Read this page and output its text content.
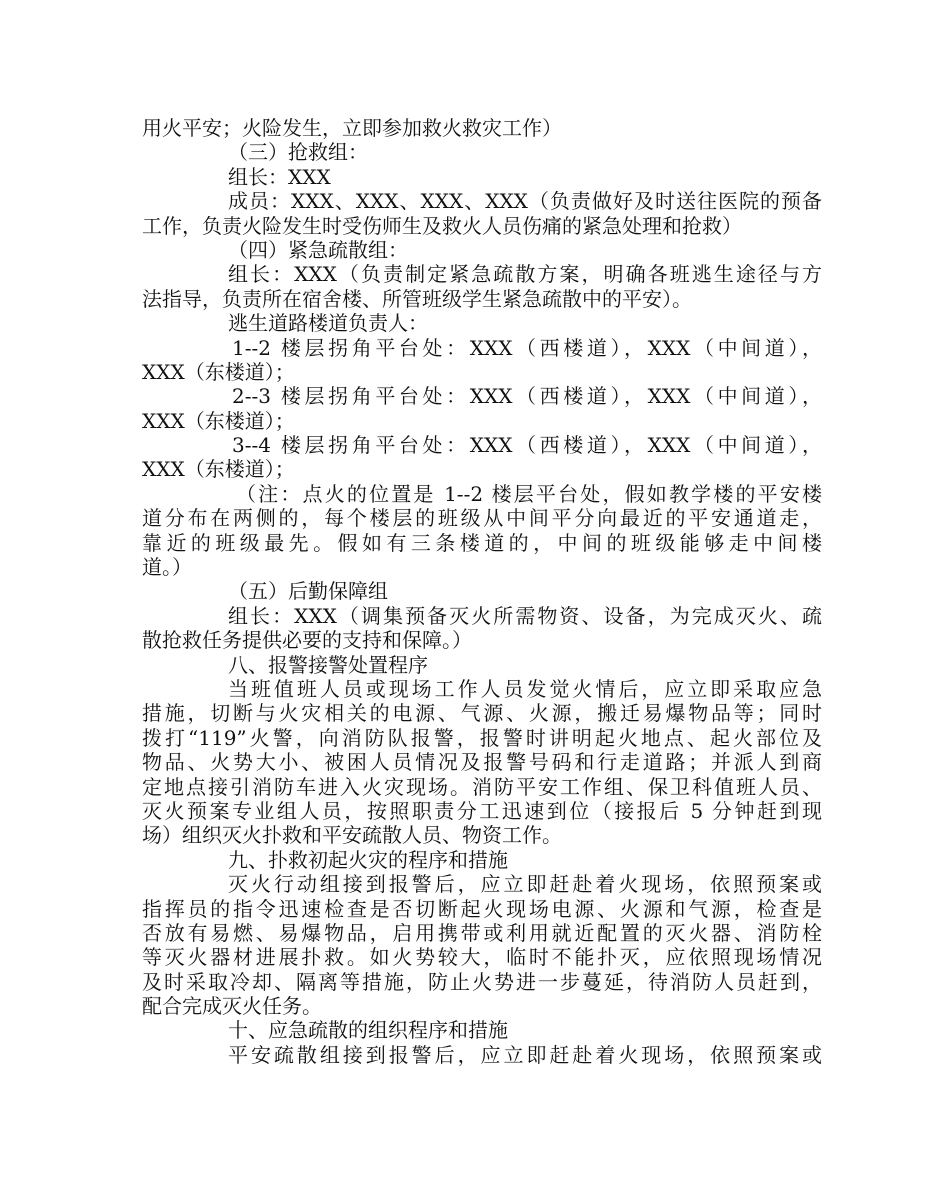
用火平安；火险发生，立即参加救火救灾工作）
（三）抢救组：
组长：XXX
成员：XXX、XXX、XXX、XXX（负责做好及时送往医院的预备
工作，负责火险发生时受伤师生及救火人员伤痛的紧急处理和抢救）
（四）紧急疏散组：
组长：XXX（负责制定紧急疏散方案，明确各班逃生途径与方
法指导，负责所在宿舍楼、所管班级学生紧急疏散中的平安）。
逃生道路楼道负责人：
1--2 楼层拐角平台处：XXX（西楼道），XXX（中间道），
XXX（东楼道）；
2--3 楼层拐角平台处：XXX（西楼道），XXX（中间道），
XXX（东楼道）；
3--4 楼层拐角平台处：XXX（西楼道），XXX（中间道），
XXX（东楼道）；
（注：点火的位置是 1--2 楼层平台处，假如教学楼的平安楼
道分布在两侧的，每个楼层的班级从中间平分向最近的平安通道走，
靠近的班级最先。假如有三条楼道的，中间的班级能够走中间楼
道。）
（五）后勤保障组
组长：XXX（调集预备灭火所需物资、设备，为完成灭火、疏
散抢救任务提供必要的支持和保障。）
八、报警接警处置程序
当班值班人员或现场工作人员发觉火情后，应立即采取应急
措施，切断与火灾相关的电源、气源、火源，搬迁易爆物品等；同时
拨打“119”火警，向消防队报警，报警时讲明起火地点、起火部位及
物品、火势大小、被困人员情况及报警号码和行走道路；并派人到商
定地点接引消防车进入火灾现场。消防平安工作组、保卫科值班人员、
灭火预案专业组人员，按照职责分工迅速到位（接报后 5 分钟赶到现
场）组织灭火扑救和平安疏散人员、物资工作。
九、扑救初起火灾的程序和措施
灭火行动组接到报警后，应立即赶赴着火现场，依照预案或
指挥员的指令迅速检查是否切断起火现场电源、火源和气源，检查是
否放有易燃、易爆物品，启用携带或利用就近配置的灭火器、消防栓
等灭火器材进展扑救。如火势较大，临时不能扑灭，应依照现场情况
及时采取冷却、隔离等措施，防止火势进一步蔓延，待消防人员赶到，
配合完成灭火任务。
十、应急疏散的组织程序和措施
平安疏散组接到报警后，应立即赶赴着火现场，依照预案或
